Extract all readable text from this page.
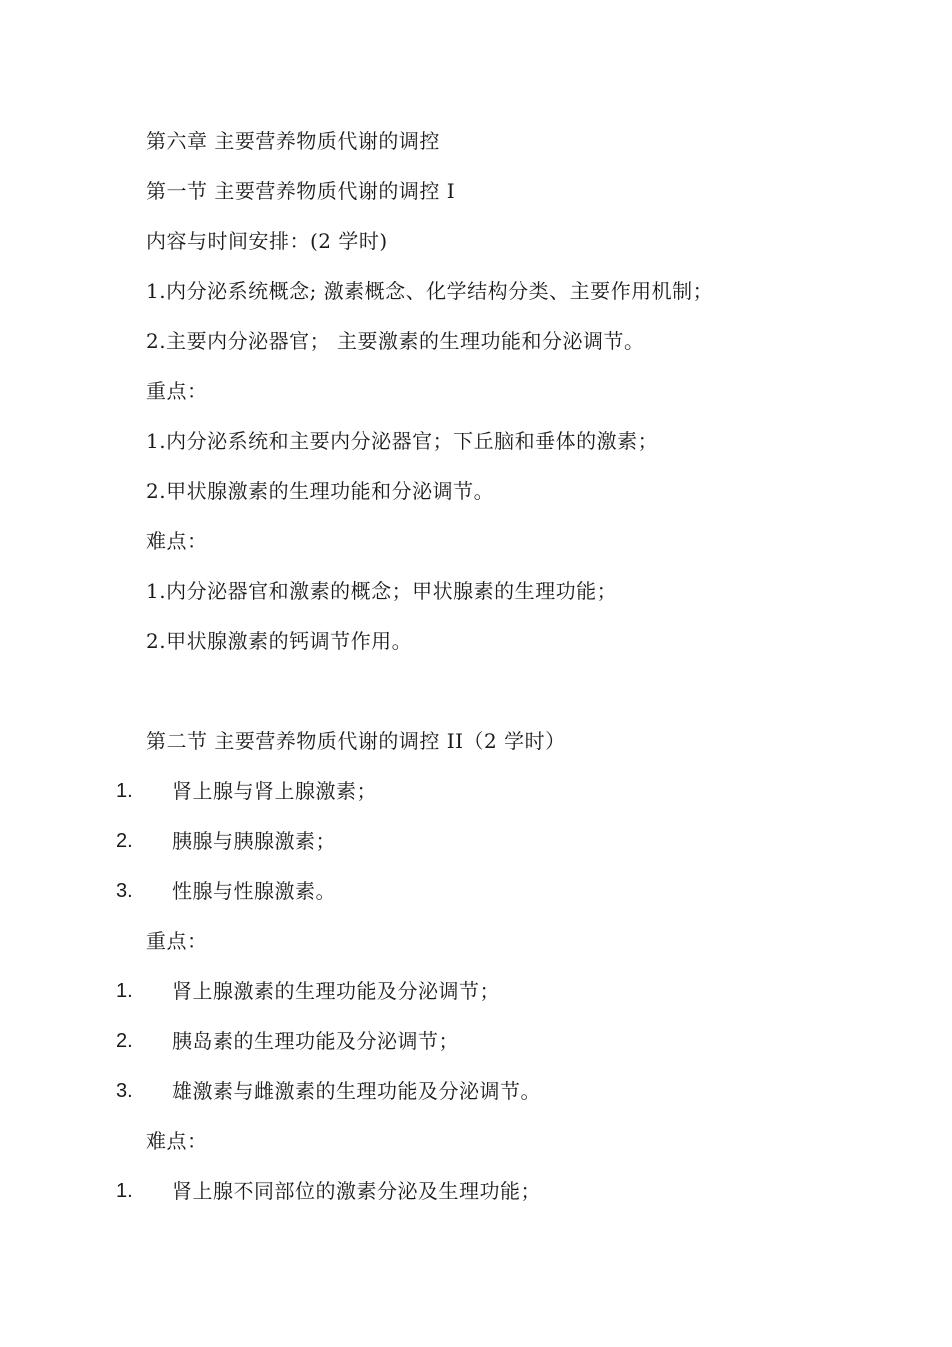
第六章 主要营养物质代谢的调控
第一节 主要营养物质代谢的调控 I
内容与时间安排：(2 学时)
1.内分泌系统概念; 激素概念、化学结构分类、主要作用机制；
2.主要内分泌器官； 主要激素的生理功能和分泌调节。
重点：
1.内分泌系统和主要内分泌器官；下丘脑和垂体的激素；
2.甲状腺激素的生理功能和分泌调节。
难点：
1.内分泌器官和激素的概念；甲状腺素的生理功能；
2.甲状腺激素的钙调节作用。
第二节 主要营养物质代谢的调控 II（2 学时）
1. 肾上腺与肾上腺激素；
2. 胰腺与胰腺激素；
3. 性腺与性腺激素。
重点：
1. 肾上腺激素的生理功能及分泌调节；
2. 胰岛素的生理功能及分泌调节；
3. 雄激素与雌激素的生理功能及分泌调节。
难点：
1. 肾上腺不同部位的激素分泌及生理功能；
